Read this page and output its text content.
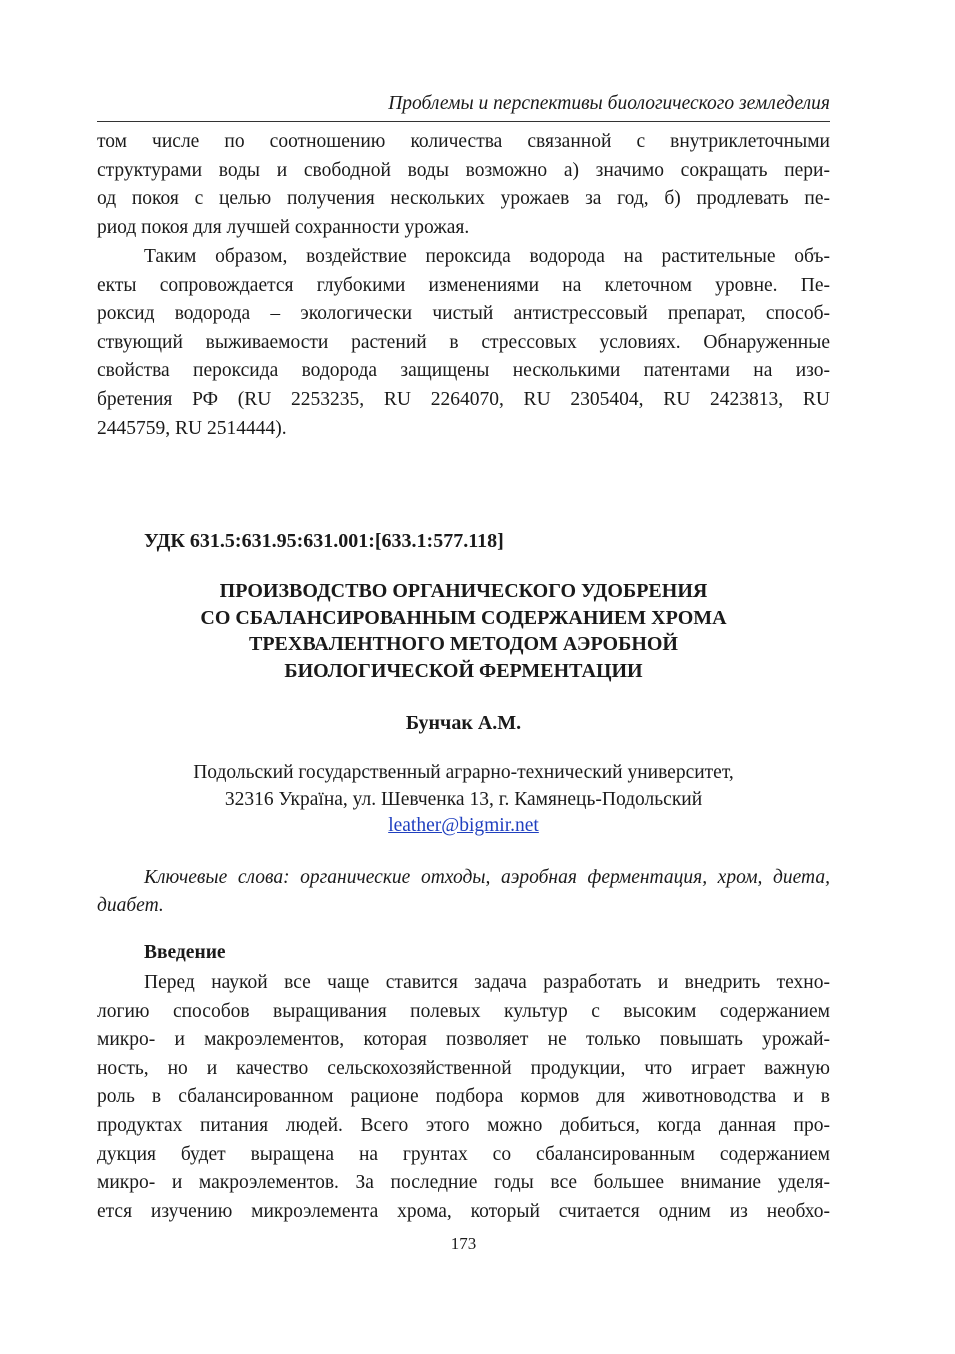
Проблемы и перспективы биологического земледелия

том числе по соотношению количества связанной с внутриклеточными

структурами воды и свободной воды возможно а) значимо сокращать пери-

од покоя с целью получения нескольких урожаев за год, б) продлевать пе-

риод покоя для лучшей сохранности урожая.

Таким образом, воздействие пероксида водорода на растительные объ-

екты сопровождается глубокими изменениями на клеточном уровне. Пе-

роксид водорода – экологически чистый антистрессовый препарат, способ-

ствующий выживаемости растений в стрессовых условиях. Обнаруженные

свойства пероксида водорода защищены несколькими патентами на изо-

бретения РФ (RU 2253235, RU 2264070, RU 2305404, RU 2423813, RU

2445759, RU 2514444).

УДК 631.5:631.95:631.001:[633.1:577.118]
ПРОИЗВОДСТВО ОРГАНИЧЕСКОГО УДОБРЕНИЯ
СО СБАЛАНСИРОВАННЫМ СОДЕРЖАНИЕМ ХРОМА
ТРЕХВАЛЕНТНОГО МЕТОДОМ АЭРОБНОЙ
БИОЛОГИЧЕСКОЙ ФЕРМЕНТАЦИИ
Бунчак А.М.
Подольский государственный аграрно-технический университет,
32316 Україна, ул. Шевченка 13, г. Камянець-Подольский
leather@bigmir.net

Ключевые слова: органические отходы, аэробная ферментация, хром, диета, диабет.

Введение

Перед наукой все чаще ставится задача разработать и внедрить техно-

логию способов выращивания полевых культур с высоким содержанием

микро- и макроэлементов, которая позволяет не только повышать урожай-

ность, но и качество сельскохозяйственной продукции, что играет важную

роль в сбалансированном рационе подбора кормов для животноводства и в

продуктах питания людей. Всего этого можно добиться, когда данная про-

дукция будет выращена на грунтах со сбалансированным содержанием

микро- и макроэлементов. За последние годы все большее внимание уделя-

ется изучению микроэлемента хрома, который считается одним из необхо-

173
